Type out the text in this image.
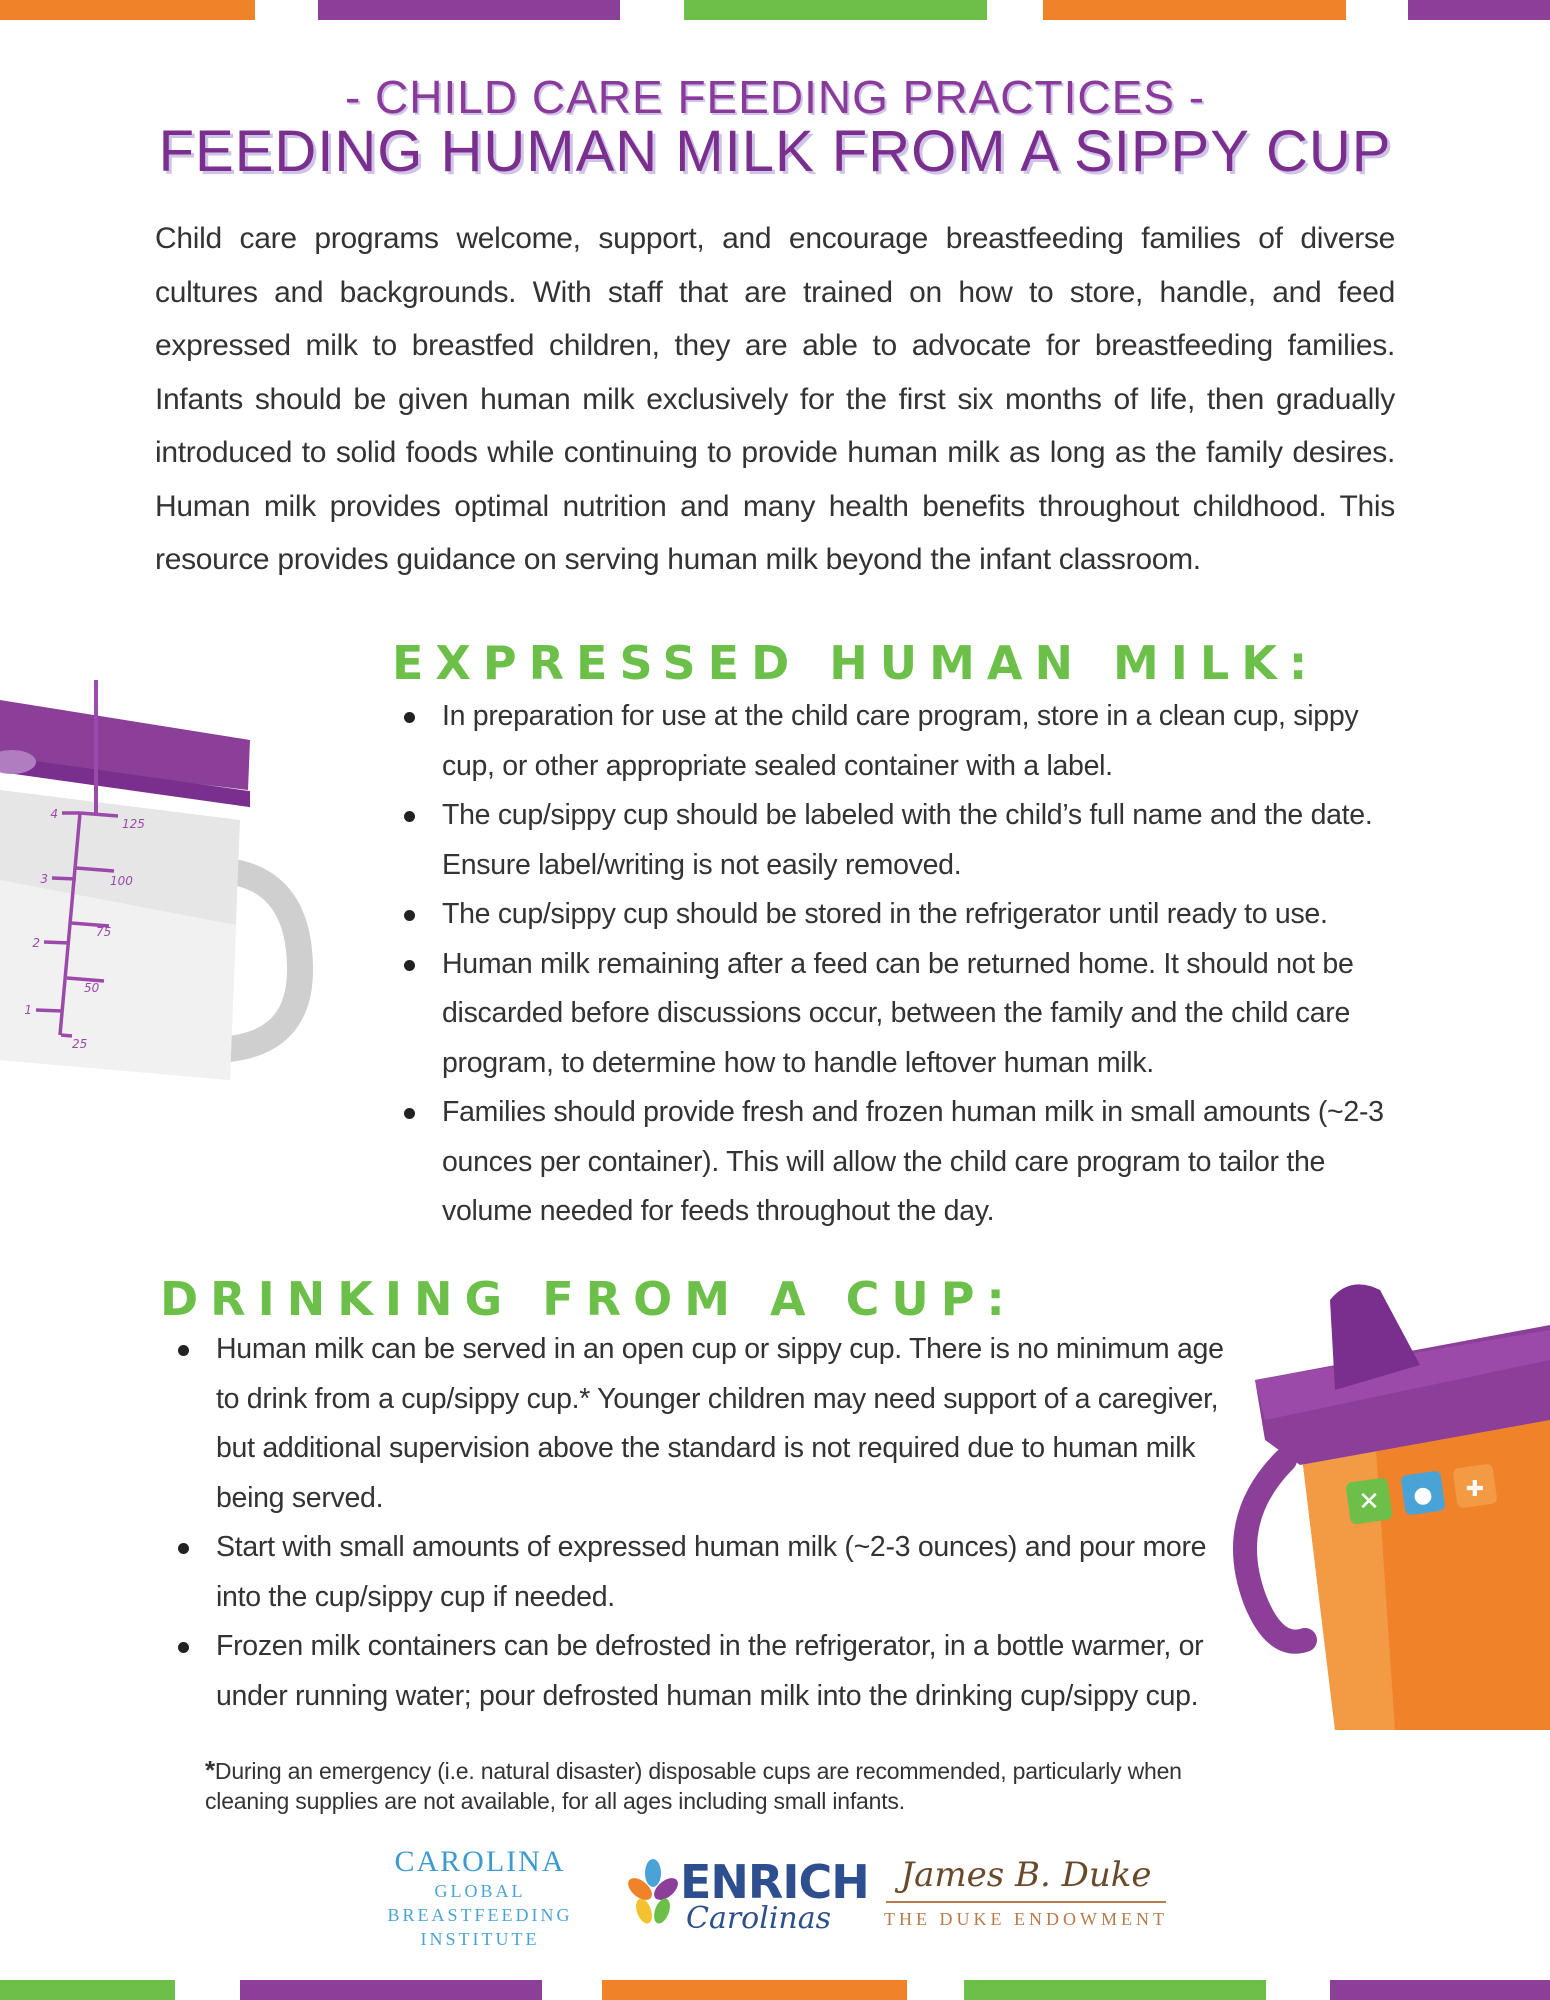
- CHILD CARE FEEDING PRACTICES -
FEEDING HUMAN MILK FROM A SIPPY CUP
Child care programs welcome, support, and encourage breastfeeding families of diverse cultures and backgrounds. With staff that are trained on how to store, handle, and feed expressed milk to breastfed children, they are able to advocate for breastfeeding families. Infants should be given human milk exclusively for the first six months of life, then gradually introduced to solid foods while continuing to provide human milk as long as the family desires. Human milk provides optimal nutrition and many health benefits throughout childhood. This resource provides guidance on serving human milk beyond the infant classroom.
4
3
2
1
125
100
75
50
25
EXPRESSED HUMAN MILK:
In preparation for use at the child care program, store in a clean cup, sippy cup, or other appropriate sealed container with a label.
The cup/sippy cup should be labeled with the child’s full name and the date. Ensure label/writing is not easily removed.
The cup/sippy cup should be stored in the refrigerator until ready to use.
Human milk remaining after a feed can be returned home. It should not be discarded before discussions occur, between the family and the child care program, to determine how to handle leftover human milk.
Families should provide fresh and frozen human milk in small amounts (~2-3 ounces per container). This will allow the child care program to tailor the volume needed for feeds throughout the day.
DRINKING FROM A CUP:
Human milk can be served in an open cup or sippy cup. There is no minimum age to drink from a cup/sippy cup.* Younger children may need support of a caregiver, but additional supervision above the standard is not required due to human milk being served.
Start with small amounts of expressed human milk (~2-3 ounces) and pour more into the cup/sippy cup if needed.
Frozen milk containers can be defrosted in the refrigerator, in a bottle warmer, or under running water; pour defrosted human milk into the drinking cup/sippy cup.
✕ ● ✚
*During an emergency (i.e. natural disaster) disposable cups are recommended, particularly when cleaning supplies are not available, for all ages including small infants.
CAROLINA
GLOBAL
BREASTFEEDING
INSTITUTE
ENRICH
Carolinas
James B. Duke
THE DUKE ENDOWMENT
